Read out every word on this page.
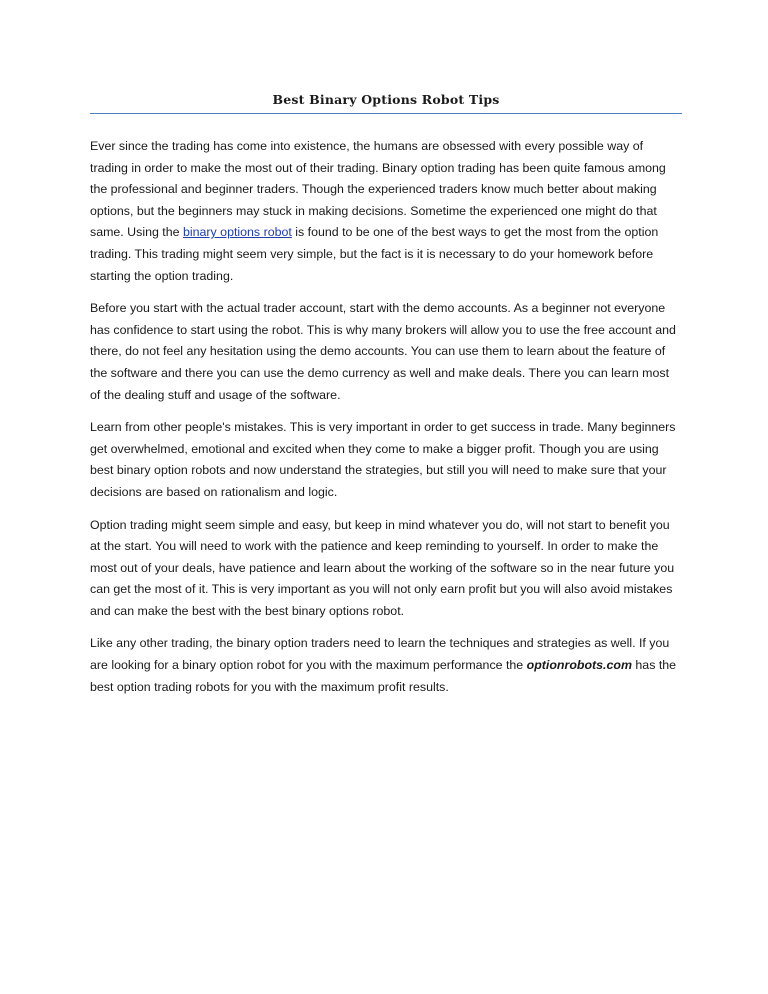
Best Binary Options Robot Tips

Ever since the trading has come into existence, the humans are obsessed with every possible way of trading in order to make the most out of their trading. Binary option trading has been quite famous among the professional and beginner traders. Though the experienced traders know much better about making options, but the beginners may stuck in making decisions. Sometime the experienced one might do that same. Using the binary options robot is found to be one of the best ways to get the most from the option trading. This trading might seem very simple, but the fact is it is necessary to do your homework before starting the option trading.

Before you start with the actual trader account, start with the demo accounts. As a beginner not everyone has confidence to start using the robot. This is why many brokers will allow you to use the free account and there, do not feel any hesitation using the demo accounts. You can use them to learn about the feature of the software and there you can use the demo currency as well and make deals. There you can learn most of the dealing stuff and usage of the software.

Learn from other people's mistakes. This is very important in order to get success in trade. Many beginners get overwhelmed, emotional and excited when they come to make a bigger profit. Though you are using best binary option robots and now understand the strategies, but still you will need to make sure that your decisions are based on rationalism and logic.

Option trading might seem simple and easy, but keep in mind whatever you do, will not start to benefit you at the start. You will need to work with the patience and keep reminding to yourself. In order to make the most out of your deals, have patience and learn about the working of the software so in the near future you can get the most of it. This is very important as you will not only earn profit but you will also avoid mistakes and can make the best with the best binary options robot.

Like any other trading, the binary option traders need to learn the techniques and strategies as well. If you are looking for a binary option robot for you with the maximum performance the optionrobots.com has the best option trading robots for you with the maximum profit results.
